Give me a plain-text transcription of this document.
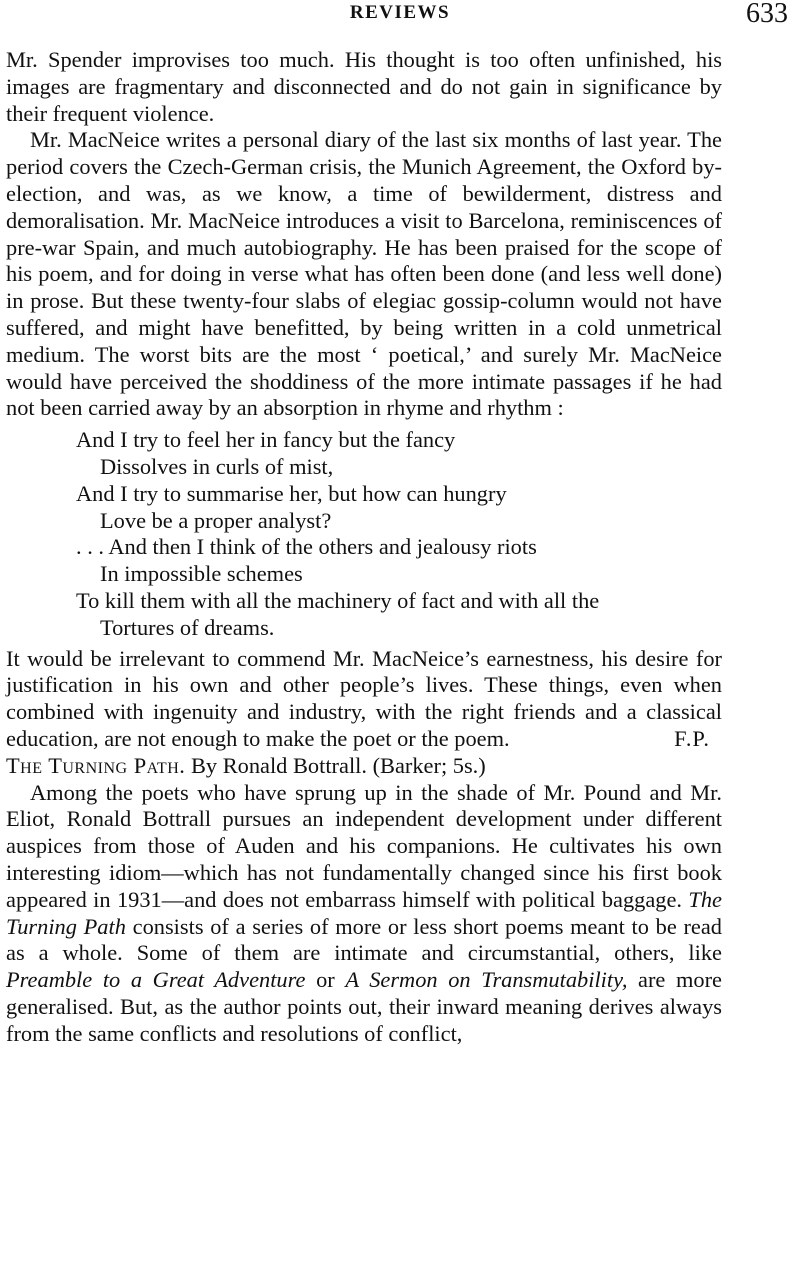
REVIEWS	633

Mr. Spender improvises too much. His thought is too often unfinished, his images are fragmentary and disconnected and do not gain in significance by their frequent violence.

Mr. MacNeice writes a personal diary of the last six months of last year. The period covers the Czech-German crisis, the Munich Agreement, the Oxford by-election, and was, as we know, a time of bewilderment, distress and demoralisation. Mr. MacNeice introduces a visit to Barcelona, reminiscences of pre-war Spain, and much autobiography. He has been praised for the scope of his poem, and for doing in verse what has often been done (and less well done) in prose. But these twenty-four slabs of elegiac gossip-column would not have suffered, and might have benefitted, by being written in a cold unmetrical medium. The worst bits are the most ‘ poetical,’ and surely Mr. MacNeice would have perceived the shoddiness of the more intimate passages if he had not been carried away by an absorption in rhyme and rhythm :

And I try to feel her in fancy but the fancy
Dissolves in curls of mist,
And I try to summarise her, but how can hungry
Love be a proper analyst?
. . . And then I think of the others and jealousy riots
In impossible schemes
To kill them with all the machinery of fact and with all the
Tortures of dreams.

It would be irrelevant to commend Mr. MacNeice’s earnestness, his desire for justification in his own and other people’s lives. These things, even when combined with ingenuity and industry, with the right friends and a classical education, are not enough to make the poet or the poem.	F.P.

The Turning Path. By Ronald Bottrall. (Barker; 5s.)

Among the poets who have sprung up in the shade of Mr. Pound and Mr. Eliot, Ronald Bottrall pursues an independent development under different auspices from those of Auden and his companions. He cultivates his own interesting idiom—which has not fundamentally changed since his first book appeared in 1931—and does not embarrass himself with political baggage. The Turning Path consists of a series of more or less short poems meant to be read as a whole. Some of them are intimate and circumstantial, others, like Preamble to a Great Adventure or A Sermon on Transmutability, are more generalised. But, as the author points out, their inward meaning derives always from the same conflicts and resolutions of conflict,
